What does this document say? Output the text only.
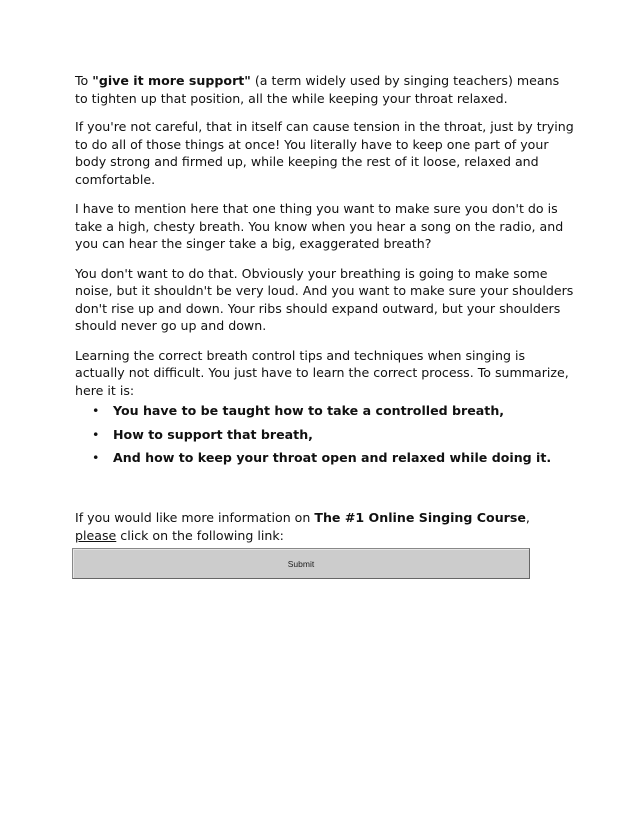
To "give it more support" (a term widely used by singing teachers) means to tighten up that position, all the while keeping your throat relaxed.

If you're not careful, that in itself can cause tension in the throat, just by trying to do all of those things at once! You literally have to keep one part of your body strong and firmed up, while keeping the rest of it loose, relaxed and comfortable.

I have to mention here that one thing you want to make sure you don't do is take a high, chesty breath. You know when you hear a song on the radio, and you can hear the singer take a big, exaggerated breath?

You don't want to do that. Obviously your breathing is going to make some noise, but it shouldn't be very loud. And you want to make sure your shoulders don't rise up and down. Your ribs should expand outward, but your shoulders should never go up and down.

Learning the correct breath control tips and techniques when singing is actually not difficult. You just have to learn the correct process. To summarize, here it is:

• You have to be taught how to take a controlled breath,
• How to support that breath,
• And how to keep your throat open and relaxed while doing it.
If you would like more information on The #1 Online Singing Course,
please click on the following link:
Submit
